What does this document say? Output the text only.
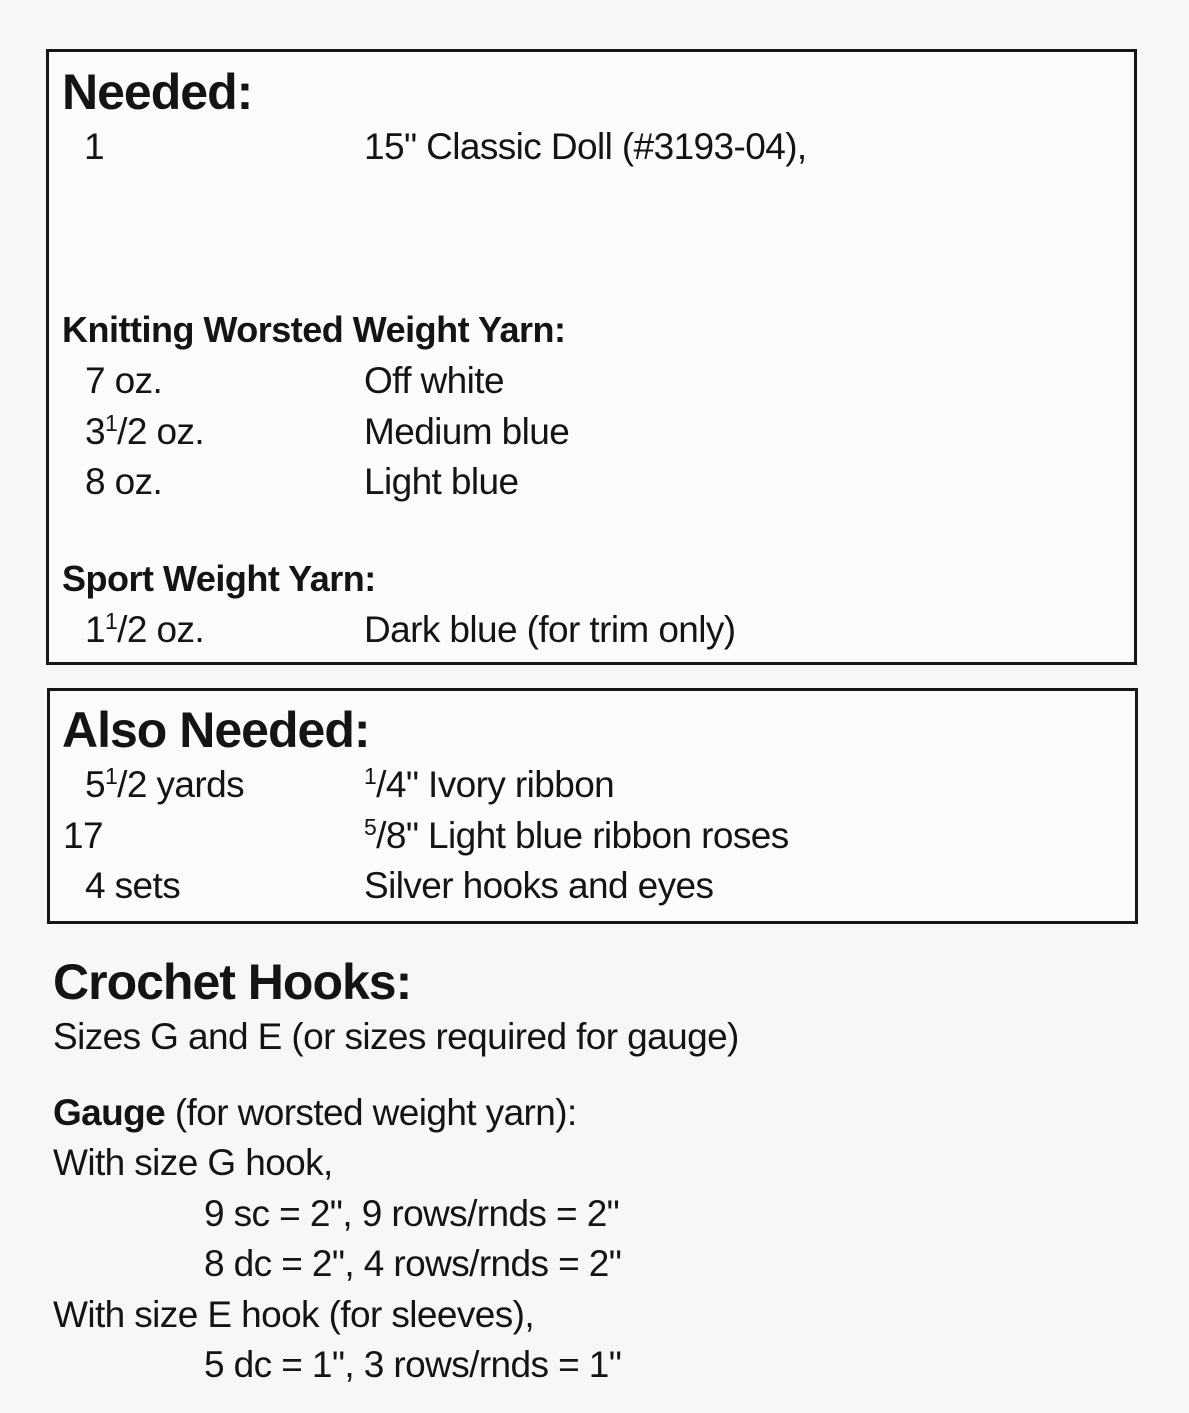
Needed:
1	15" Classic Doll (#3193-04),
Knitting Worsted Weight Yarn:
7 oz.	Off white
$3^1/2$ oz.	Medium blue
8 oz.	Light blue
Sport Weight Yarn:
$1^1/2$ oz.	Dark blue (for trim only)
Also Needed:
$5^1/2$ yards	$^1$/4" Ivory ribbon
17	$^5$/8" Light blue ribbon roses
4 sets	Silver hooks and eyes
Crochet Hooks:
Sizes G and E (or sizes required for gauge)
Gauge (for worsted weight yarn):
With size G hook,
9 sc = 2", 9 rows/rnds = 2"
8 dc = 2", 4 rows/rnds = 2"
With size E hook (for sleeves),
5 dc = 1", 3 rows/rnds = 1"
